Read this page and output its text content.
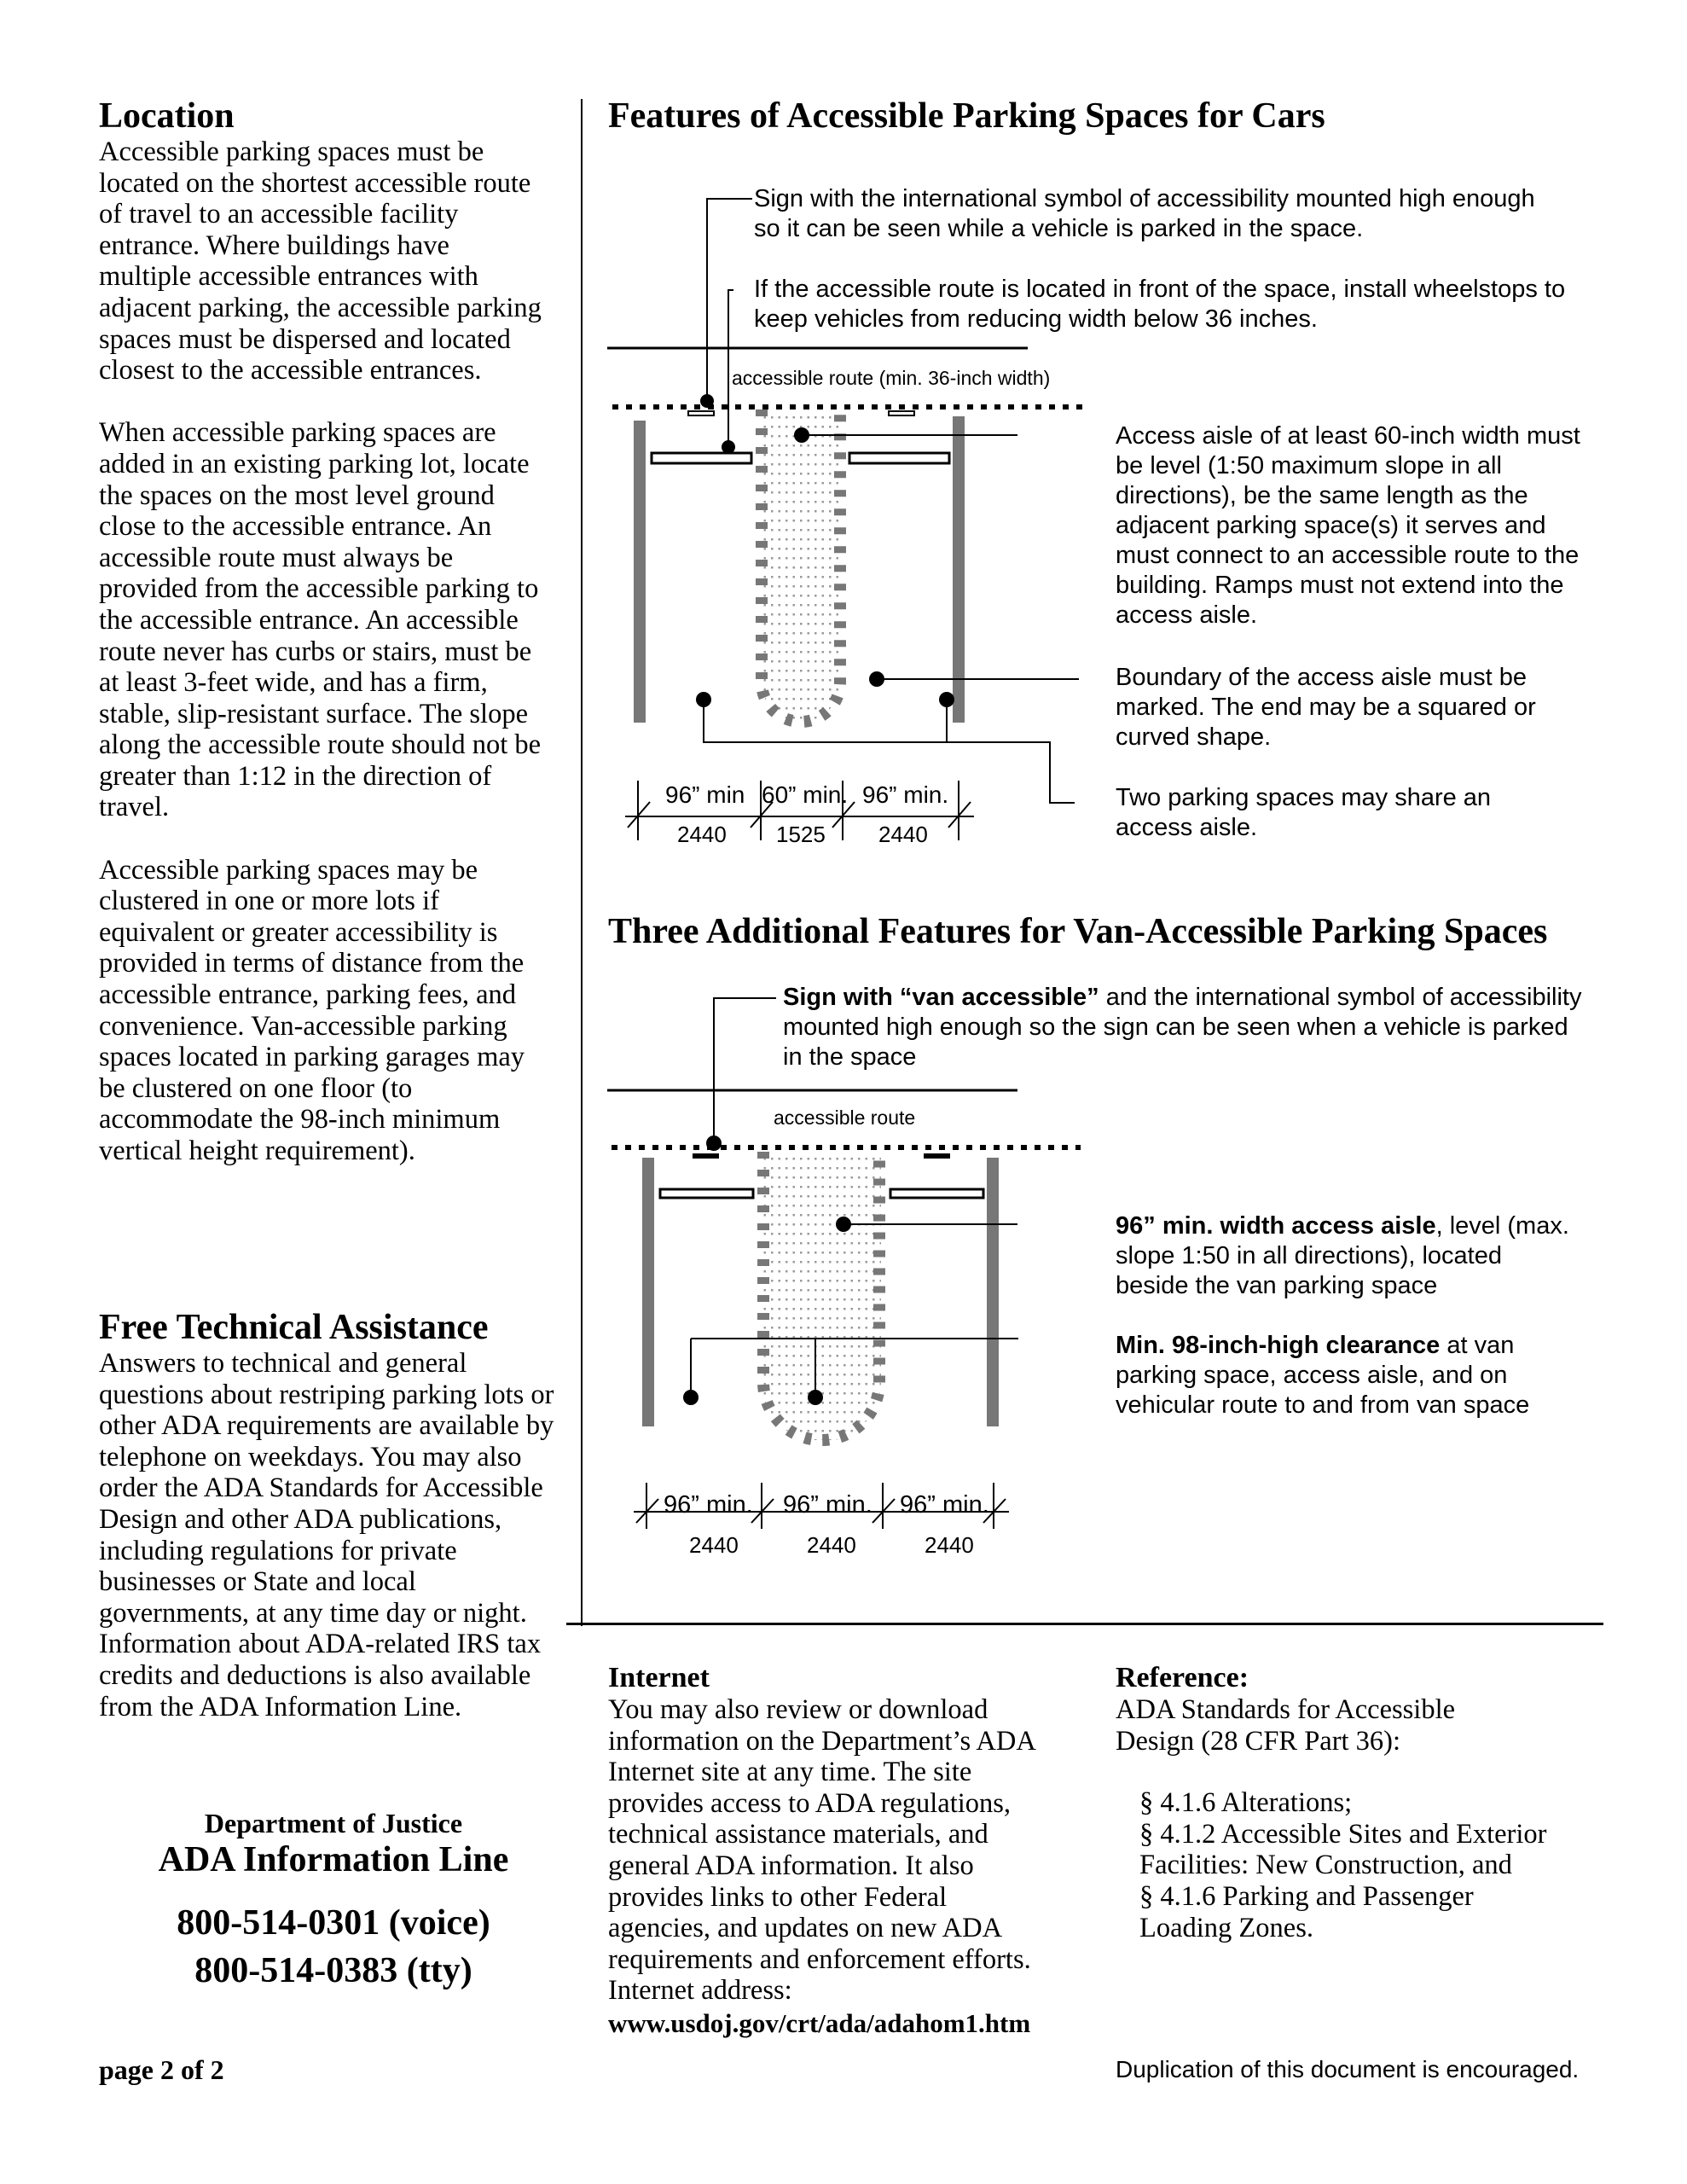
Location

Accessible parking spaces must be located on the shortest accessible route of travel to an accessible facility entrance. Where buildings have multiple accessible entrances with adjacent parking, the accessible parking spaces must be dispersed and located closest to the accessible entrances.

When accessible parking spaces are added in an existing parking lot, locate the spaces on the most level ground close to the accessible entrance. An accessible route must always be provided from the accessible parking to the accessible entrance. An accessible route never has curbs or stairs, must be at least 3-feet wide, and has a firm, stable, slip-resistant surface. The slope along the accessible route should not be greater than 1:12 in the direction of travel.

Accessible parking spaces may be clustered in one or more lots if equivalent or greater accessibility is provided in terms of distance from the accessible entrance, parking fees, and convenience. Van-accessible parking spaces located in parking garages may be clustered on one floor (to accommodate the 98-inch minimum vertical height requirement).

Free Technical Assistance

Answers to technical and general questions about restriping parking lots or other ADA requirements are available by telephone on weekdays. You may also order the ADA Standards for Accessible Design and other ADA publications, including regulations for private businesses or State and local governments, at any time day or night. Information about ADA-related IRS tax credits and deductions is also available from the ADA Information Line.

Department of Justice
ADA Information Line
800-514-0301 (voice)
800-514-0383 (tty)
page 2 of 2
Features of Accessible Parking Spaces for Cars

Sign with the international symbol of accessibility mounted high enough so it can be seen while a vehicle is parked in the space.

If the accessible route is located in front of the space, install wheelstops to keep vehicles from reducing width below 36 inches.

accessible route (min. 36-inch width)
96” min 60” min. 96” min.
2440 1525 2440

Access aisle of at least 60-inch width must be level (1:50 maximum slope in all directions), be the same length as the adjacent parking space(s) it serves and must connect to an accessible route to the building. Ramps must not extend into the access aisle.

Boundary of the access aisle must be marked. The end may be a squared or curved shape.

Two parking spaces may share an access aisle.

Three Additional Features for Van-Accessible Parking Spaces

Sign with “van accessible” and the international symbol of accessibility mounted high enough so the sign can be seen when a vehicle is parked in the space

accessible route
96” min. 96” min. 96” min.
2440	2440	2440

96” min. width access aisle, level (max. slope 1:50 in all directions), located beside the van parking space

Min. 98-inch-high clearance at van parking space, access aisle, and on vehicular route to and from van space

Internet

You may also review or download information on the Department’s ADA Internet site at any time. The site provides access to ADA regulations, technical assistance materials, and general ADA information. It also provides links to other Federal agencies, and updates on new ADA requirements and enforcement efforts. Internet address:

www.usdoj.gov/crt/ada/adahom1.htm
Reference:

ADA Standards for Accessible Design (28 CFR Part 36):

§ 4.1.6 Alterations;
§ 4.1.2 Accessible Sites and Exterior Facilities: New Construction, and
§ 4.1.6 Parking and Passenger Loading Zones.
Duplication of this document is encouraged.
